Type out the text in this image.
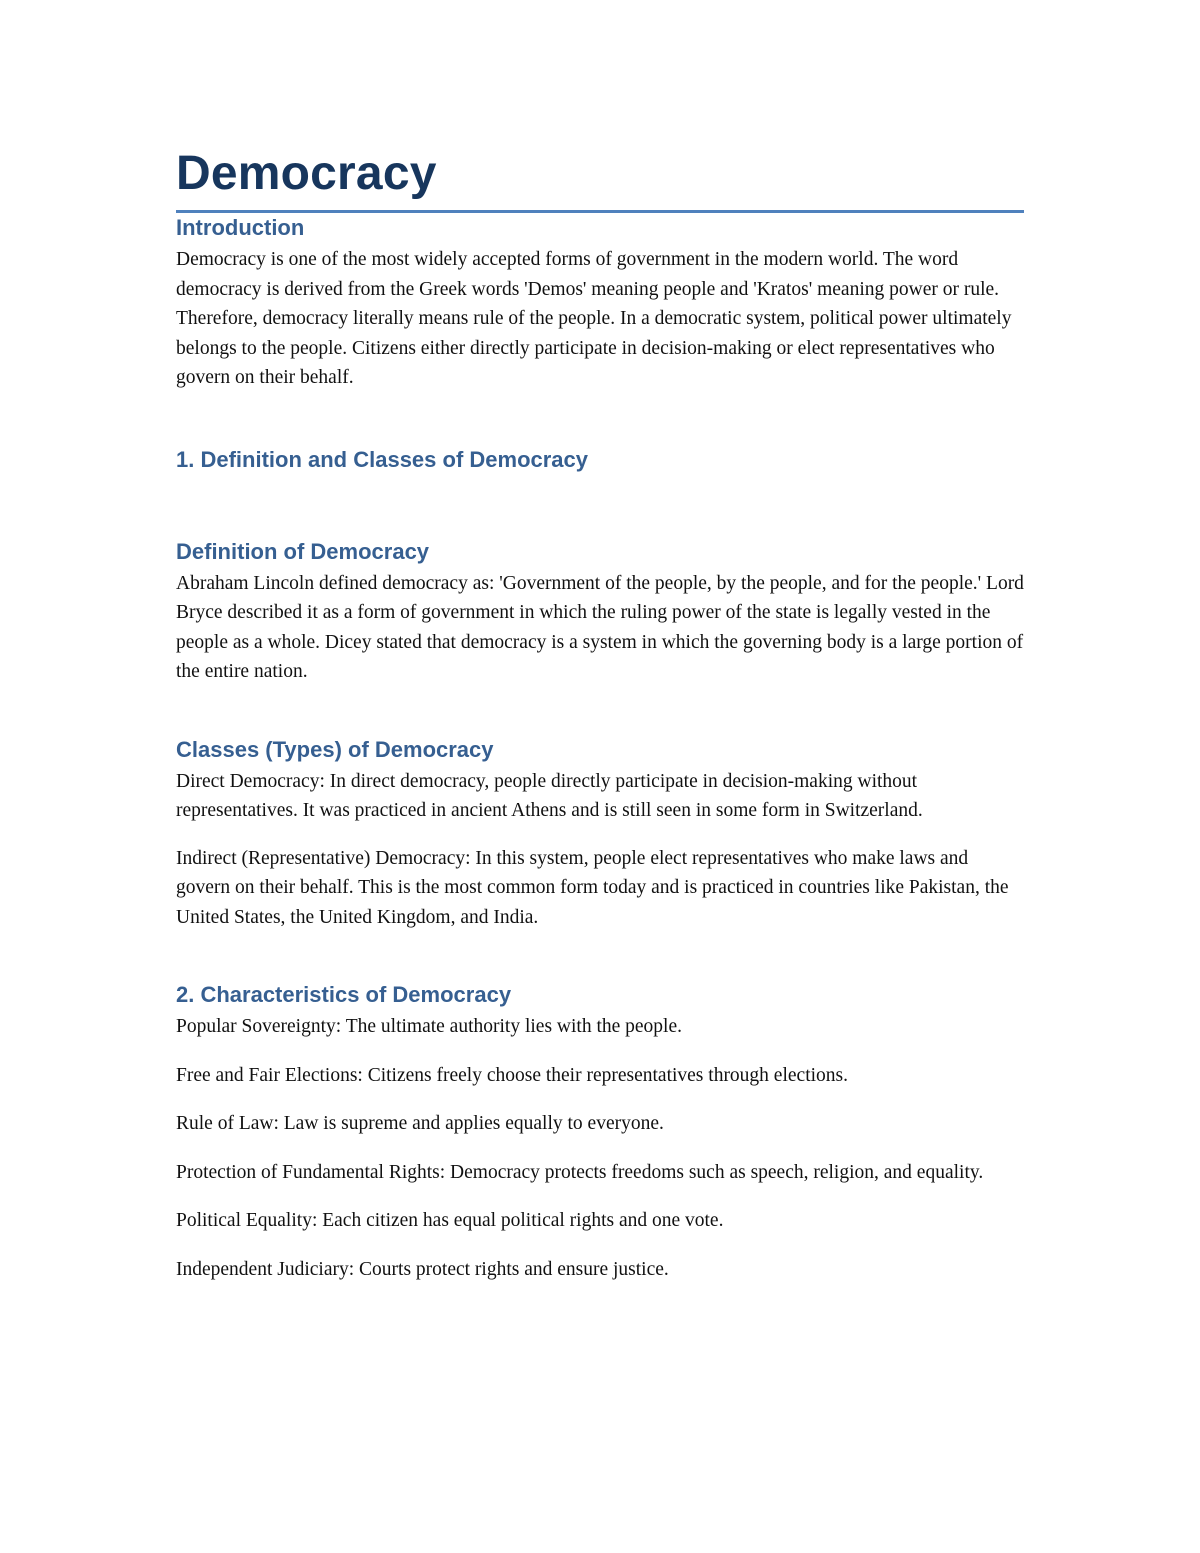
Democracy
Introduction

Democracy is one of the most widely accepted forms of government in the modern world. The word democracy is derived from the Greek words 'Demos' meaning people and 'Kratos' meaning power or rule. Therefore, democracy literally means rule of the people. In a democratic system, political power ultimately belongs to the people. Citizens either directly participate in decision-making or elect representatives who govern on their behalf.

1. Definition and Classes of Democracy
Definition of Democracy

Abraham Lincoln defined democracy as: 'Government of the people, by the people, and for the people.' Lord Bryce described it as a form of government in which the ruling power of the state is legally vested in the people as a whole. Dicey stated that democracy is a system in which the governing body is a large portion of the entire nation.

Classes (Types) of Democracy

Direct Democracy: In direct democracy, people directly participate in decision-making without representatives. It was practiced in ancient Athens and is still seen in some form in Switzerland.

Indirect (Representative) Democracy: In this system, people elect representatives who make laws and govern on their behalf. This is the most common form today and is practiced in countries like Pakistan, the United States, the United Kingdom, and India.

2. Characteristics of Democracy

Popular Sovereignty: The ultimate authority lies with the people.

Free and Fair Elections: Citizens freely choose their representatives through elections.

Rule of Law: Law is supreme and applies equally to everyone.

Protection of Fundamental Rights: Democracy protects freedoms such as speech, religion, and equality.

Political Equality: Each citizen has equal political rights and one vote.

Independent Judiciary: Courts protect rights and ensure justice.
